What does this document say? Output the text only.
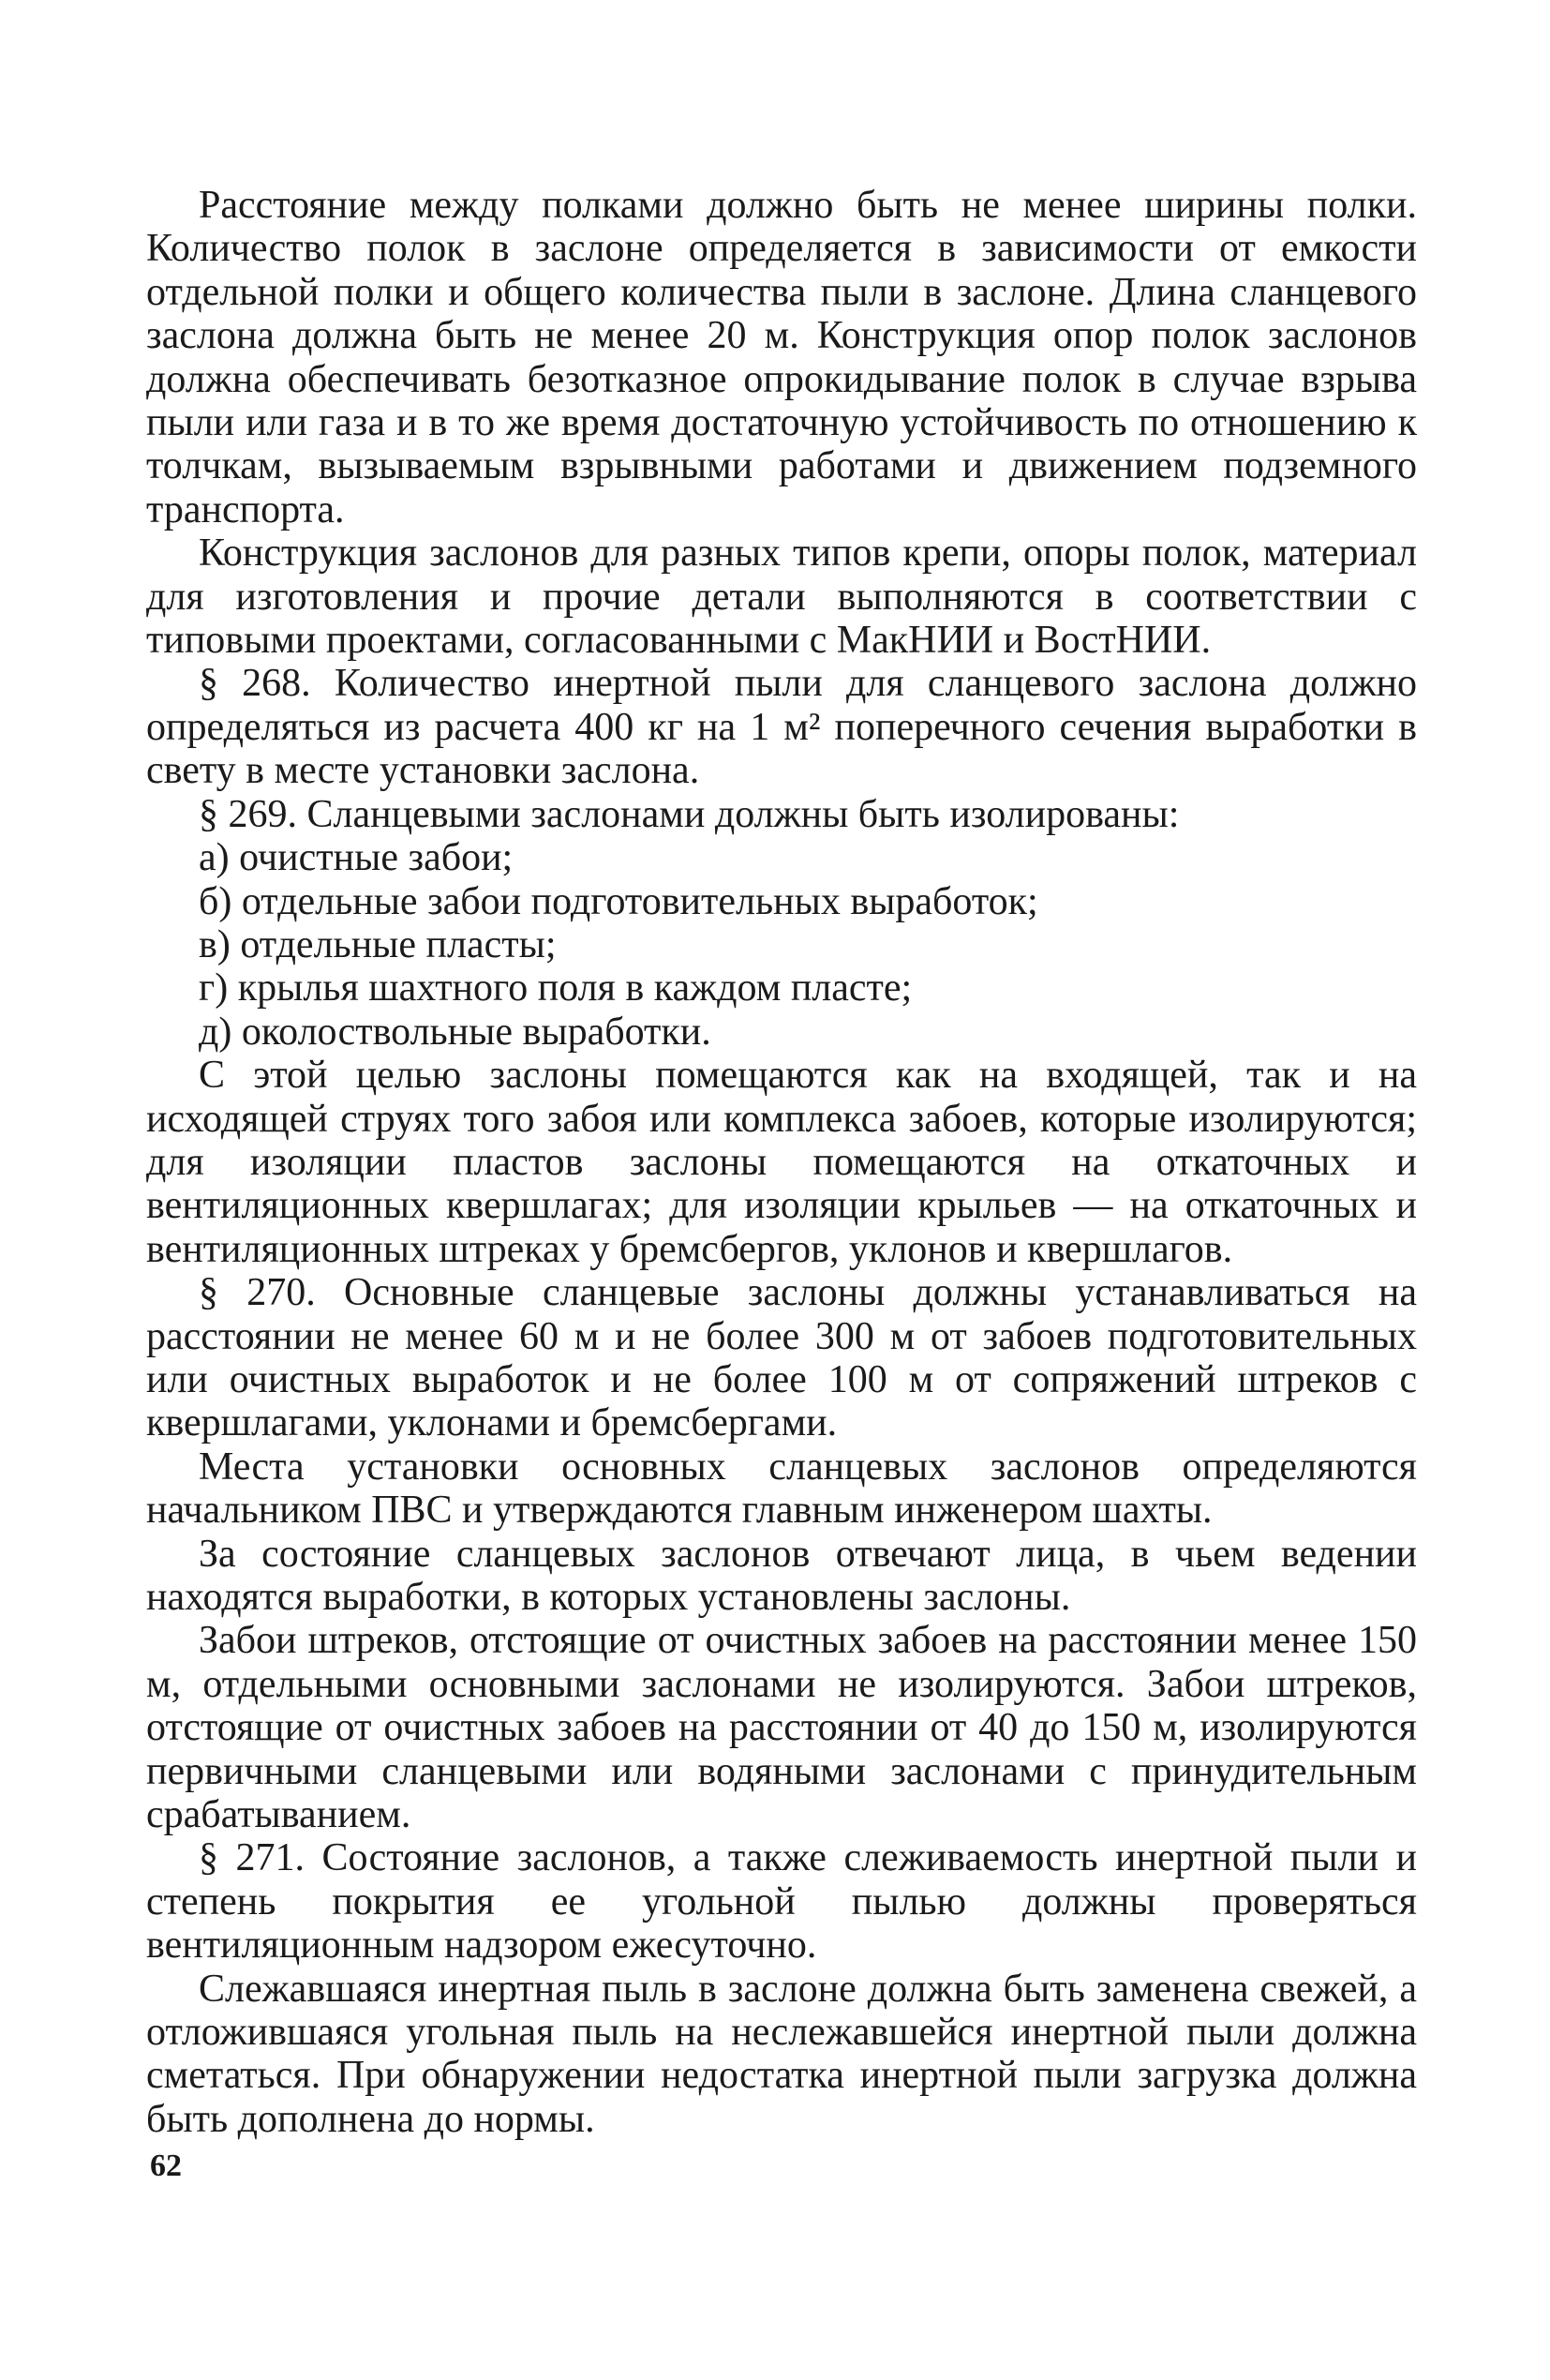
Расстояние между полками должно быть не менее ширины полки. Количество полок в заслоне определяется в зависимости от емкости отдельной полки и общего количества пыли в заслоне. Длина сланцевого заслона должна быть не менее 20 м. Конструкция опор полок заслонов должна обеспечивать безотказное опрокидывание полок в случае взрыва пыли или газа и в то же время достаточную устойчивость по отношению к толчкам, вызываемым взрывными работами и движением подземного транспорта.

Конструкция заслонов для разных типов крепи, опоры полок, материал для изготовления и прочие детали выполняются в соответствии с типовыми проектами, согласованными с МакНИИ и ВостНИИ.

§ 268. Количество инертной пыли для сланцевого заслона должно определяться из расчета 400 кг на 1 м² поперечного сечения выработки в свету в месте установки заслона.

§ 269. Сланцевыми заслонами должны быть изолированы:

а) очистные забои;

б) отдельные забои подготовительных выработок;

в) отдельные пласты;

г) крылья шахтного поля в каждом пласте;

д) околоствольные выработки.

С этой целью заслоны помещаются как на входящей, так и на исходящей струях того забоя или комплекса забоев, которые изолируются; для изоляции пластов заслоны помещаются на откаточных и вентиляционных квершлагах; для изоляции крыльев — на откаточных и вентиляционных штреках у бремсбергов, уклонов и квершлагов.

§ 270. Основные сланцевые заслоны должны устанавливаться на расстоянии не менее 60 м и не более 300 м от забоев подготовительных или очистных выработок и не более 100 м от сопряжений штреков с квершлагами, уклонами и бремсбергами.

Места установки основных сланцевых заслонов определяются начальником ПВС и утверждаются главным инженером шахты.

За состояние сланцевых заслонов отвечают лица, в чьем ведении находятся выработки, в которых установлены заслоны.

Забои штреков, отстоящие от очистных забоев на расстоянии менее 150 м, отдельными основными заслонами не изолируются. Забои штреков, отстоящие от очистных забоев на расстоянии от 40 до 150 м, изолируются первичными сланцевыми или водяными заслонами с принудительным срабатыванием.

§ 271. Состояние заслонов, а также слеживаемость инертной пыли и степень покрытия ее угольной пылью должны проверяться вентиляционным надзором ежесуточно.

Слежавшаяся инертная пыль в заслоне должна быть заменена свежей, а отложившаяся угольная пыль на неслежавшейся инертной пыли должна сметаться. При обнаружении недостатка инертной пыли загрузка должна быть дополнена до нормы.

62
